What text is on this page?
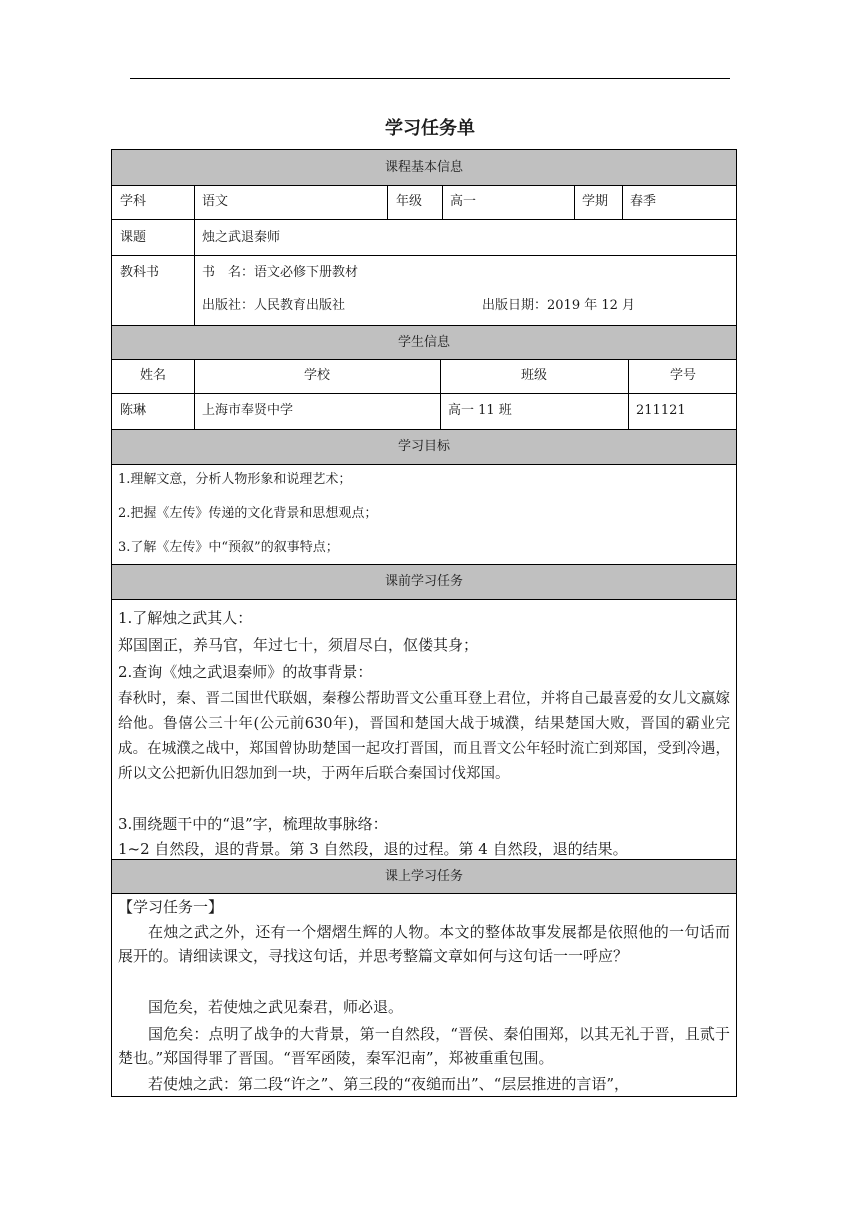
学习任务单
课程基本信息
学科	语文	年级 高一	学期 春季
课题	烛之武退秦师
教科书	书　名：语文必修下册教材
出版社：人民教育出版社	出版日期：2019 年 12 月
学生信息
姓名	学校	班级	学号
陈琳	上海市奉贤中学	高一 11 班	211121
学习目标
1.理解文意，分析人物形象和说理艺术；
2.把握《左传》传递的文化背景和思想观点；
3.了解《左传》中“预叙”的叙事特点；
课前学习任务
1.了解烛之武其人：
郑国圉正，养马官，年过七十，须眉尽白，伛偻其身；
2.查询《烛之武退秦师》的故事背景：
春秋时，秦、晋二国世代联姻，秦穆公帮助晋文公重耳登上君位，并将自己最喜爱的女儿文嬴嫁给他。鲁僖公三十年(公元前630年)，晋国和楚国大战于城濮，结果楚国大败，晋国的霸业完成。在城濮之战中，郑国曾协助楚国一起攻打晋国，而且晋文公年轻时流亡到郑国，受到冷遇，所以文公把新仇旧怨加到一块，于两年后联合秦国讨伐郑国。
3.围绕题干中的“退”字，梳理故事脉络：
1~2 自然段，退的背景。第 3 自然段，退的过程。第 4 自然段，退的结果。
课上学习任务
【学习任务一】
在烛之武之外，还有一个熠熠生辉的人物。本文的整体故事发展都是依照他的一句话而展开的。请细读课文，寻找这句话，并思考整篇文章如何与这句话一一呼应？
国危矣，若使烛之武见秦君，师必退。
国危矣：点明了战争的大背景，第一自然段，“晋侯、秦伯围郑，以其无礼于晋，且贰于楚也。”郑国得罪了晋国。“晋军函陵，秦军氾南”，郑被重重包围。
若使烛之武：第二段“许之”、第三段的“夜缒而出”、“层层推进的言语”，
